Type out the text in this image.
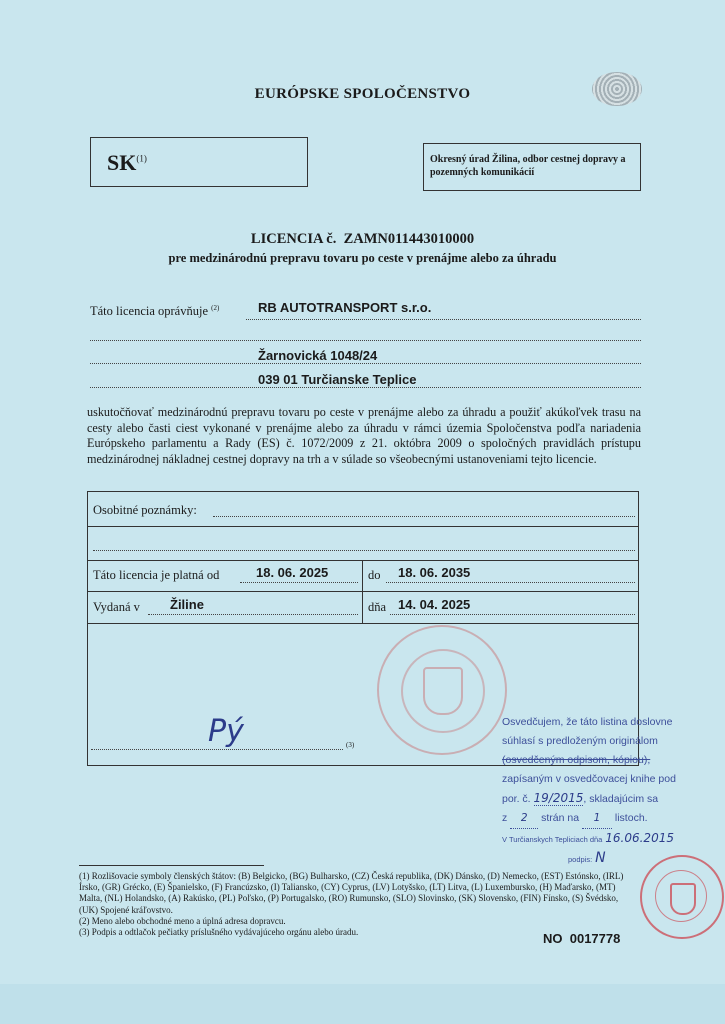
EURÓPSKE SPOLOČENSTVO
SK$^{(1)}$	Okresný úrad Žilina, odbor cestnej dopravy a pozemných komunikácií
LICENCIA č. ZAMN011443010000
pre medzinárodnú prepravu tovaru po ceste v prenájme alebo za úhradu
Táto licencia oprávňuje $^{(2)}$	RB AUTOTRANSPORT s.r.o.
Žarnovická 1048/24
039 01 Turčianske Teplice
uskutočňovať medzinárodnú prepravu tovaru po ceste v prenájme alebo za úhradu a použiť akúkoľvek trasu na cesty alebo časti ciest vykonané v prenájme alebo za úhradu v rámci územia Spoločenstva podľa nariadenia Európskeho parlamentu a Rady (ES) č. 1072/2009 z 21. októbra 2009 o spoločných pravidlách prístupu medzinárodnej nákladnej cestnej dopravy na trh a v súlade so všeobecnými ustanoveniami tejto licencie.
Osobitné poznámky:
Táto licencia je platná od	18. 06. 2025	do 18. 06. 2035
Vydaná v Žiline	dňa 14. 04. 2025
Pý	(3)
Osvedčujem, že táto listina doslovne
súhlasí s predloženým originálom
(osvedčeným odpisom, kópiou),
zapísaným v osvedčovacej knihe pod
por. č. 19/2015, skladajúcim sa
z 2 strán na 1 listoch.
V Turčianskych Tepliciach dňa 16.06.2015
podpis: N

(1) Rozlišovacie symboly členských štátov: (B) Belgicko, (BG) Bulharsko, (CZ) Česká republika, (DK) Dánsko, (D) Nemecko, (EST) Estónsko, (IRL) Írsko, (GR) Grécko, (E) Španielsko, (F) Francúzsko, (I) Taliansko, (CY) Cyprus, (LV) Lotyšsko, (LT) Litva, (L) Luxembursko, (H) Maďarsko, (MT) Malta, (NL) Holandsko, (A) Rakúsko, (PL) Poľsko, (P) Portugalsko, (RO) Rumunsko, (SLO) Slovinsko, (SK) Slovensko, (FIN) Fínsko, (S) Švédsko, (UK) Spojené kráľovstvo.

(2) Meno alebo obchodné meno a úplná adresa dopravcu.

(3) Podpis a odtlačok pečiatky príslušného vydávajúceho orgánu alebo úradu.	NO 0017778
